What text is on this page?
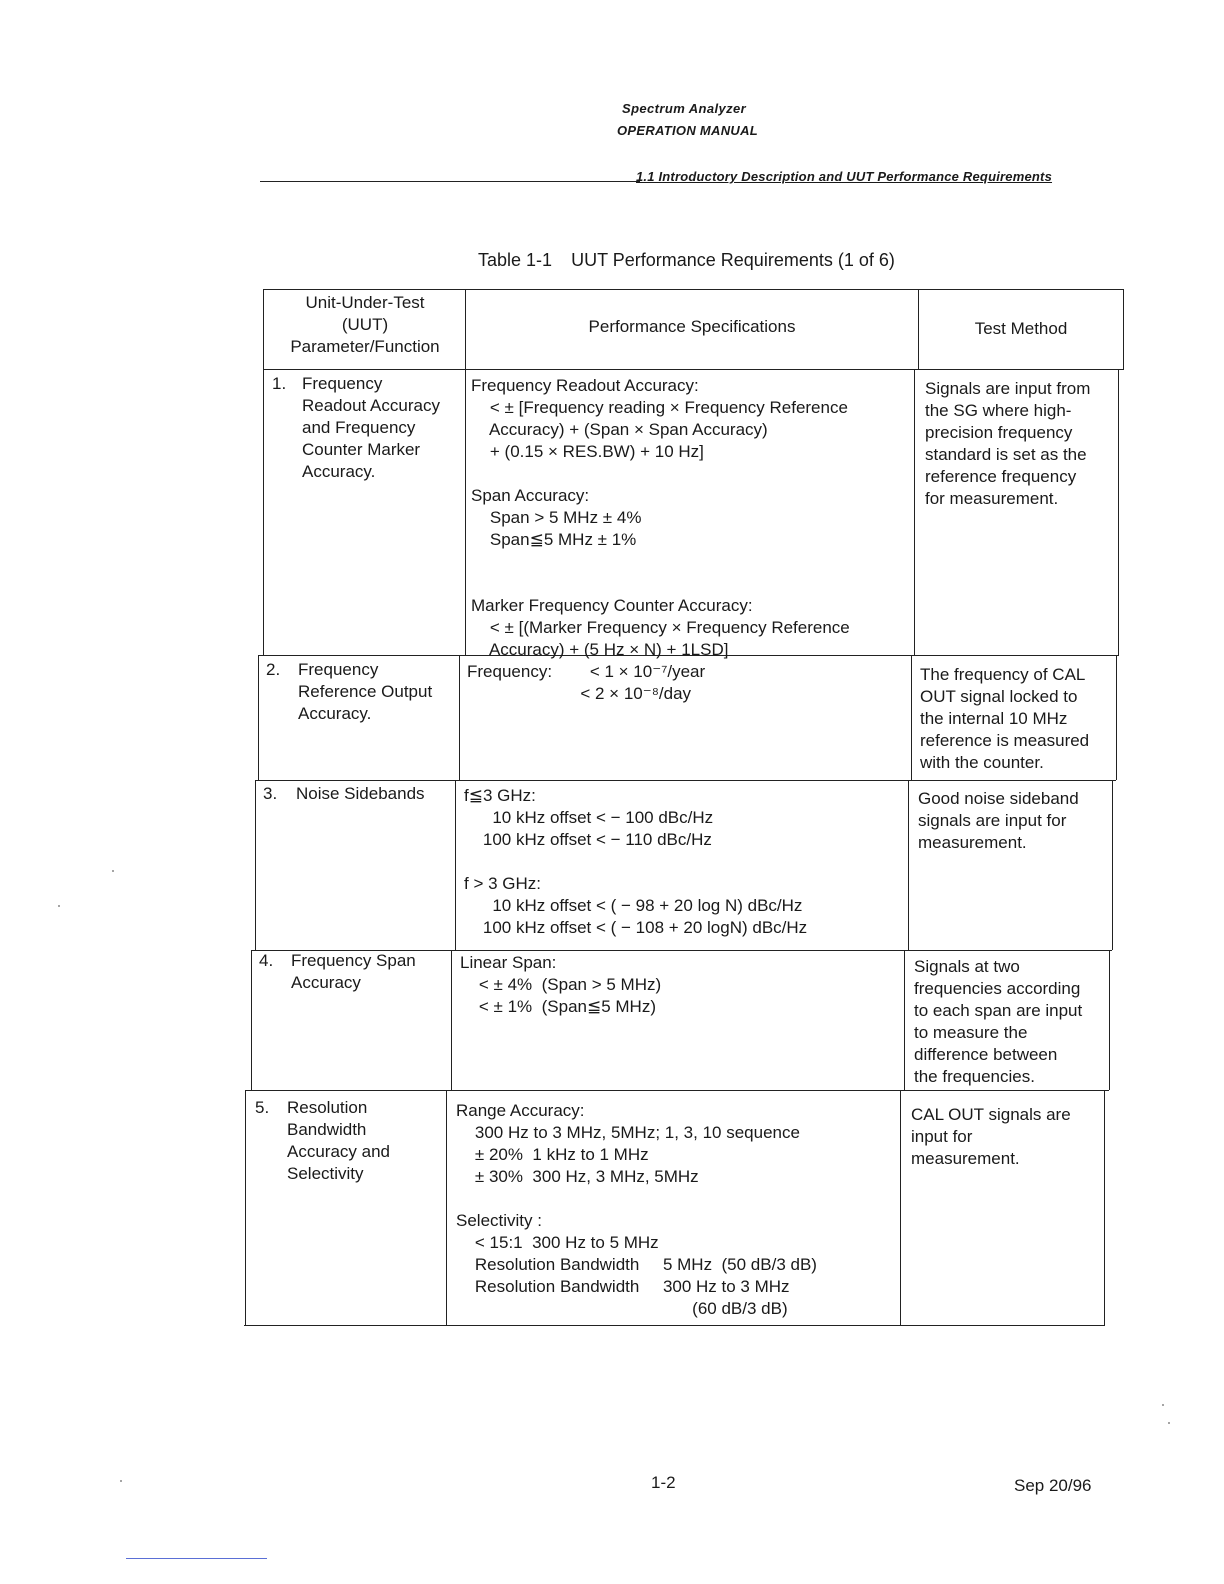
Spectrum Analyzer
OPERATION MANUAL
1.1 Introductory Description and UUT Performance Requirements
Table 1-1 UUT Performance Requirements (1 of 6)
Unit-Under-Test
(UUT)
Parameter/Function
Performance Specifications	Test Method
1. Frequency
Readout Accuracy
and Frequency
Counter Marker
Accuracy.
Frequency Readout Accuracy:
< ± [Frequency reading × Frequency Reference
Accuracy) + (Span × Span Accuracy)
+ (0.15 × RES.BW) + 10 Hz]

Span Accuracy:
Span > 5 MHz ± 4%
Span≦5 MHz ± 1%

Marker Frequency Counter Accuracy:
< ± [(Marker Frequency × Frequency Reference
Accuracy) + (5 Hz × N) + 1LSD]
Signals are input from
the SG where high-
precision frequency
standard is set as the
reference frequency
for measurement.
2. Frequency
Reference Output
Accuracy.
Frequency:        < 1 × 10⁻⁷/year
< 2 × 10⁻⁸/day
The frequency of CAL
OUT signal locked to
the internal 10 MHz
reference is measured
with the counter.
3. Noise Sidebands f≦3 GHz:
10 kHz offset < − 100 dBc/Hz
100 kHz offset < − 110 dBc/Hz

f > 3 GHz:
10 kHz offset < ( − 98 + 20 log N) dBc/Hz
100 kHz offset < ( − 108 + 20 logN) dBc/Hz
Good noise sideband
signals are input for
measurement.
4. Frequency Span
Accuracy
Linear Span:
< ± 4%  (Span > 5 MHz)
< ± 1%  (Span≦5 MHz)
Signals at two
frequencies according
to each span are input
to measure the
difference between
the frequencies.
5. Resolution
Bandwidth
Accuracy and
Selectivity
Range Accuracy:
300 Hz to 3 MHz, 5MHz; 1, 3, 10 sequence
± 20%  1 kHz to 1 MHz
± 30%  300 Hz, 3 MHz, 5MHz

Selectivity :
< 15:1  300 Hz to 5 MHz
Resolution Bandwidth     5 MHz  (50 dB/3 dB)
Resolution Bandwidth     300 Hz to 3 MHz
(60 dB/3 dB)
CAL OUT signals are
input for
measurement.
1-2	Sep 20/96
